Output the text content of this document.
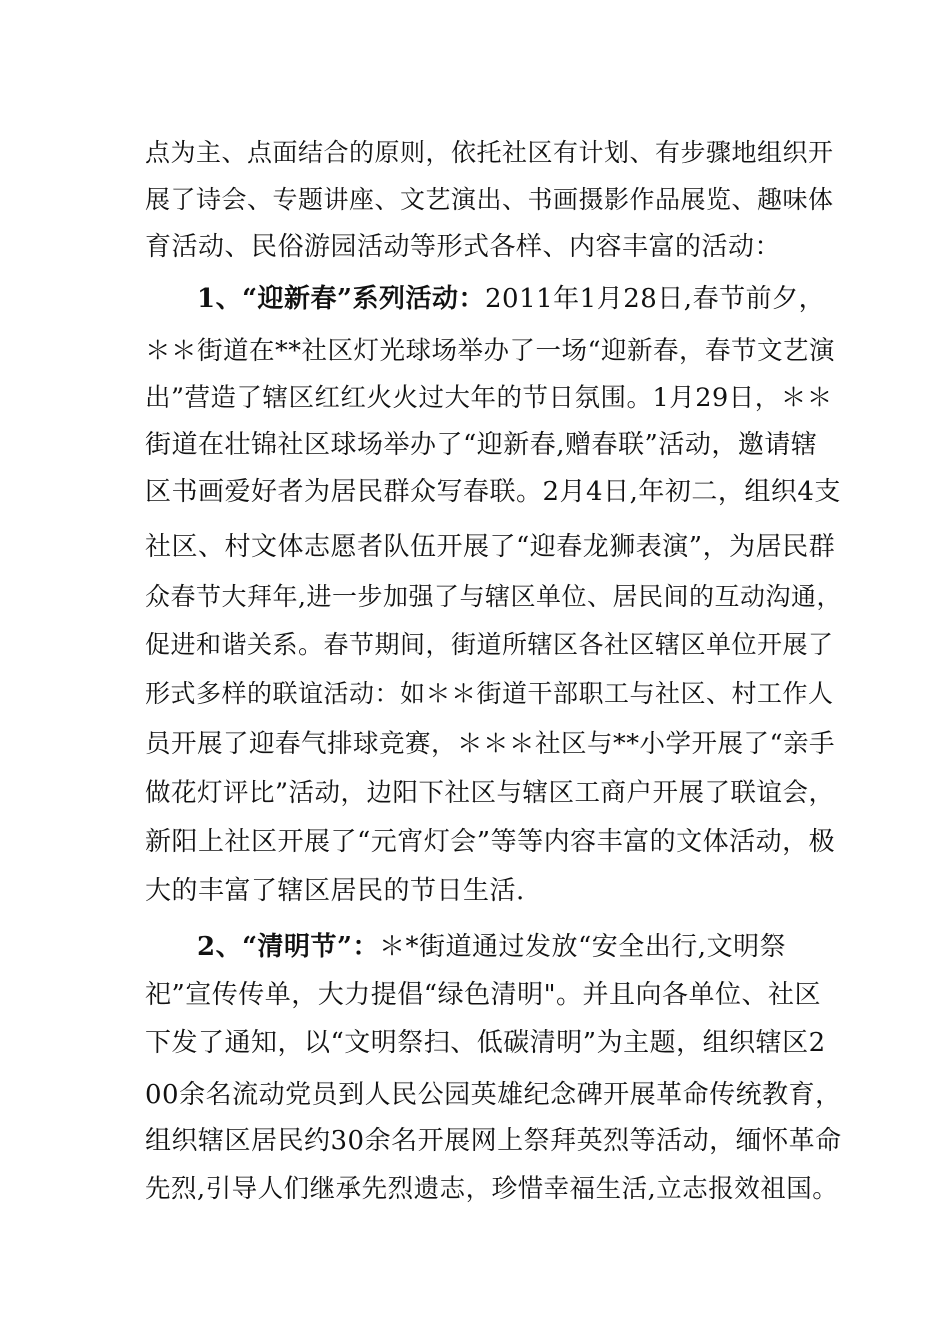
点为主、点面结合的原则，依托社区有计划、有步骤地组织开
展了诗会、专题讲座、文艺演出、书画摄影作品展览、趣味体
育活动、民俗游园活动等形式各样、内容丰富的活动：
1、“迎新春”系列活动：2011年1月28日,春节前夕，
＊＊街道在**社区灯光球场举办了一场“迎新春，春节文艺演
出”营造了辖区红红火火过大年的节日氛围。1月29日，＊＊
街道在壮锦社区球场举办了“迎新春,赠春联”活动，邀请辖
区书画爱好者为居民群众写春联。2月4日,年初二，组织4支
社区、村文体志愿者队伍开展了“迎春龙狮表演”，为居民群
众春节大拜年,进一步加强了与辖区单位、居民间的互动沟通，
促进和谐关系。春节期间，街道所辖区各社区辖区单位开展了
形式多样的联谊活动：如＊＊街道干部职工与社区、村工作人
员开展了迎春气排球竞赛，＊＊＊社区与**小学开展了“亲手
做花灯评比”活动，边阳下社区与辖区工商户开展了联谊会，
新阳上社区开展了“元宵灯会”等等内容丰富的文体活动，极
大的丰富了辖区居民的节日生活.
2、“清明节”：＊*街道通过发放“安全出行,文明祭
祀”宣传传单，大力提倡“绿色清明"。并且向各单位、社区
下发了通知，以“文明祭扫、低碳清明”为主题，组织辖区2
00余名流动党员到人民公园英雄纪念碑开展革命传统教育，
组织辖区居民约30余名开展网上祭拜英烈等活动，缅怀革命
先烈,引导人们继承先烈遗志，珍惜幸福生活,立志报效祖国。
